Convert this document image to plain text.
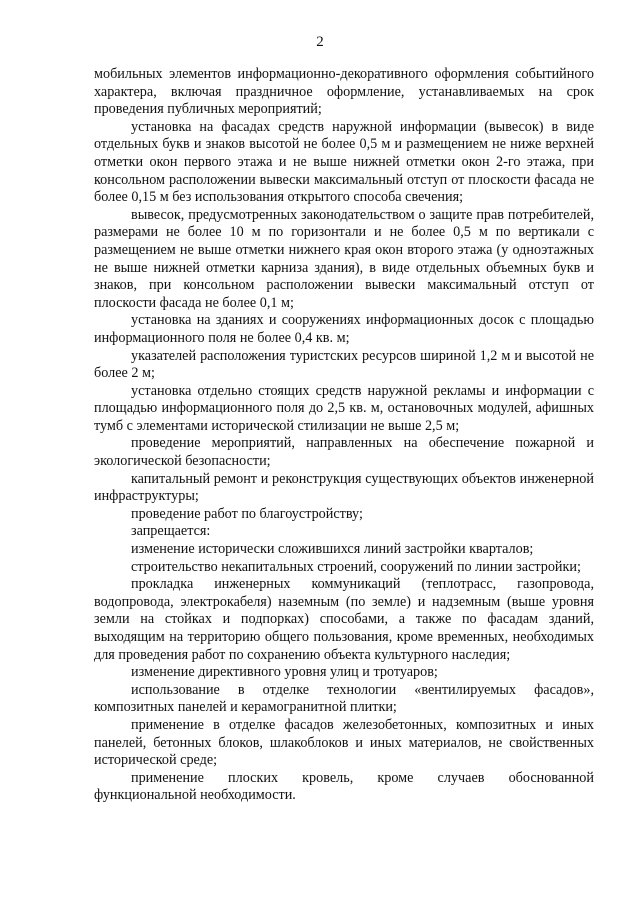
2

мобильных элементов информационно-декоративного оформления событийного характера, включая праздничное оформление, устанавливаемых на срок проведения публичных мероприятий;

установка на фасадах средств наружной информации (вывесок) в виде отдельных букв и знаков высотой не более 0,5 м и размещением не ниже верхней отметки окон первого этажа и не выше нижней отметки окон 2-го этажа, при консольном расположении вывески максимальный отступ от плоскости фасада не более 0,15 м без использования открытого способа свечения;

вывесок, предусмотренных законодательством о защите прав потребителей, размерами не более 10 м по горизонтали и не более 0,5 м по вертикали с размещением не выше отметки нижнего края окон второго этажа (у одноэтажных не выше нижней отметки карниза здания), в виде отдельных объемных букв и знаков, при консольном расположении вывески максимальный отступ от плоскости фасада не более 0,1 м;

установка на зданиях и сооружениях информационных досок с площадью информационного поля не более 0,4 кв. м;

указателей расположения туристских ресурсов шириной 1,2 м и высотой не более 2 м;

установка отдельно стоящих средств наружной рекламы и информации с площадью информационного поля до 2,5 кв. м, остановочных модулей, афишных тумб с элементами исторической стилизации не выше 2,5 м;

проведение мероприятий, направленных на обеспечение пожарной и экологической безопасности;

капитальный ремонт и реконструкция существующих объектов инженерной инфраструктуры;

проведение работ по благоустройству;

запрещается:

изменение исторически сложившихся линий застройки кварталов;

строительство некапитальных строений, сооружений по линии застройки;

прокладка инженерных коммуникаций (теплотрасс, газопровода, водопровода, электрокабеля) наземным (по земле) и надземным (выше уровня земли на стойках и подпорках) способами, а также по фасадам зданий, выходящим на территорию общего пользования, кроме временных, необходимых для проведения работ по сохранению объекта культурного наследия;

изменение директивного уровня улиц и тротуаров;

использование в отделке технологии «вентилируемых фасадов», композитных панелей и керамогранитной плитки;

применение в отделке фасадов железобетонных, композитных и иных панелей, бетонных блоков, шлакоблоков и иных материалов, не свойственных исторической среде;

применение плоских кровель, кроме случаев обоснованной функциональной необходимости.
